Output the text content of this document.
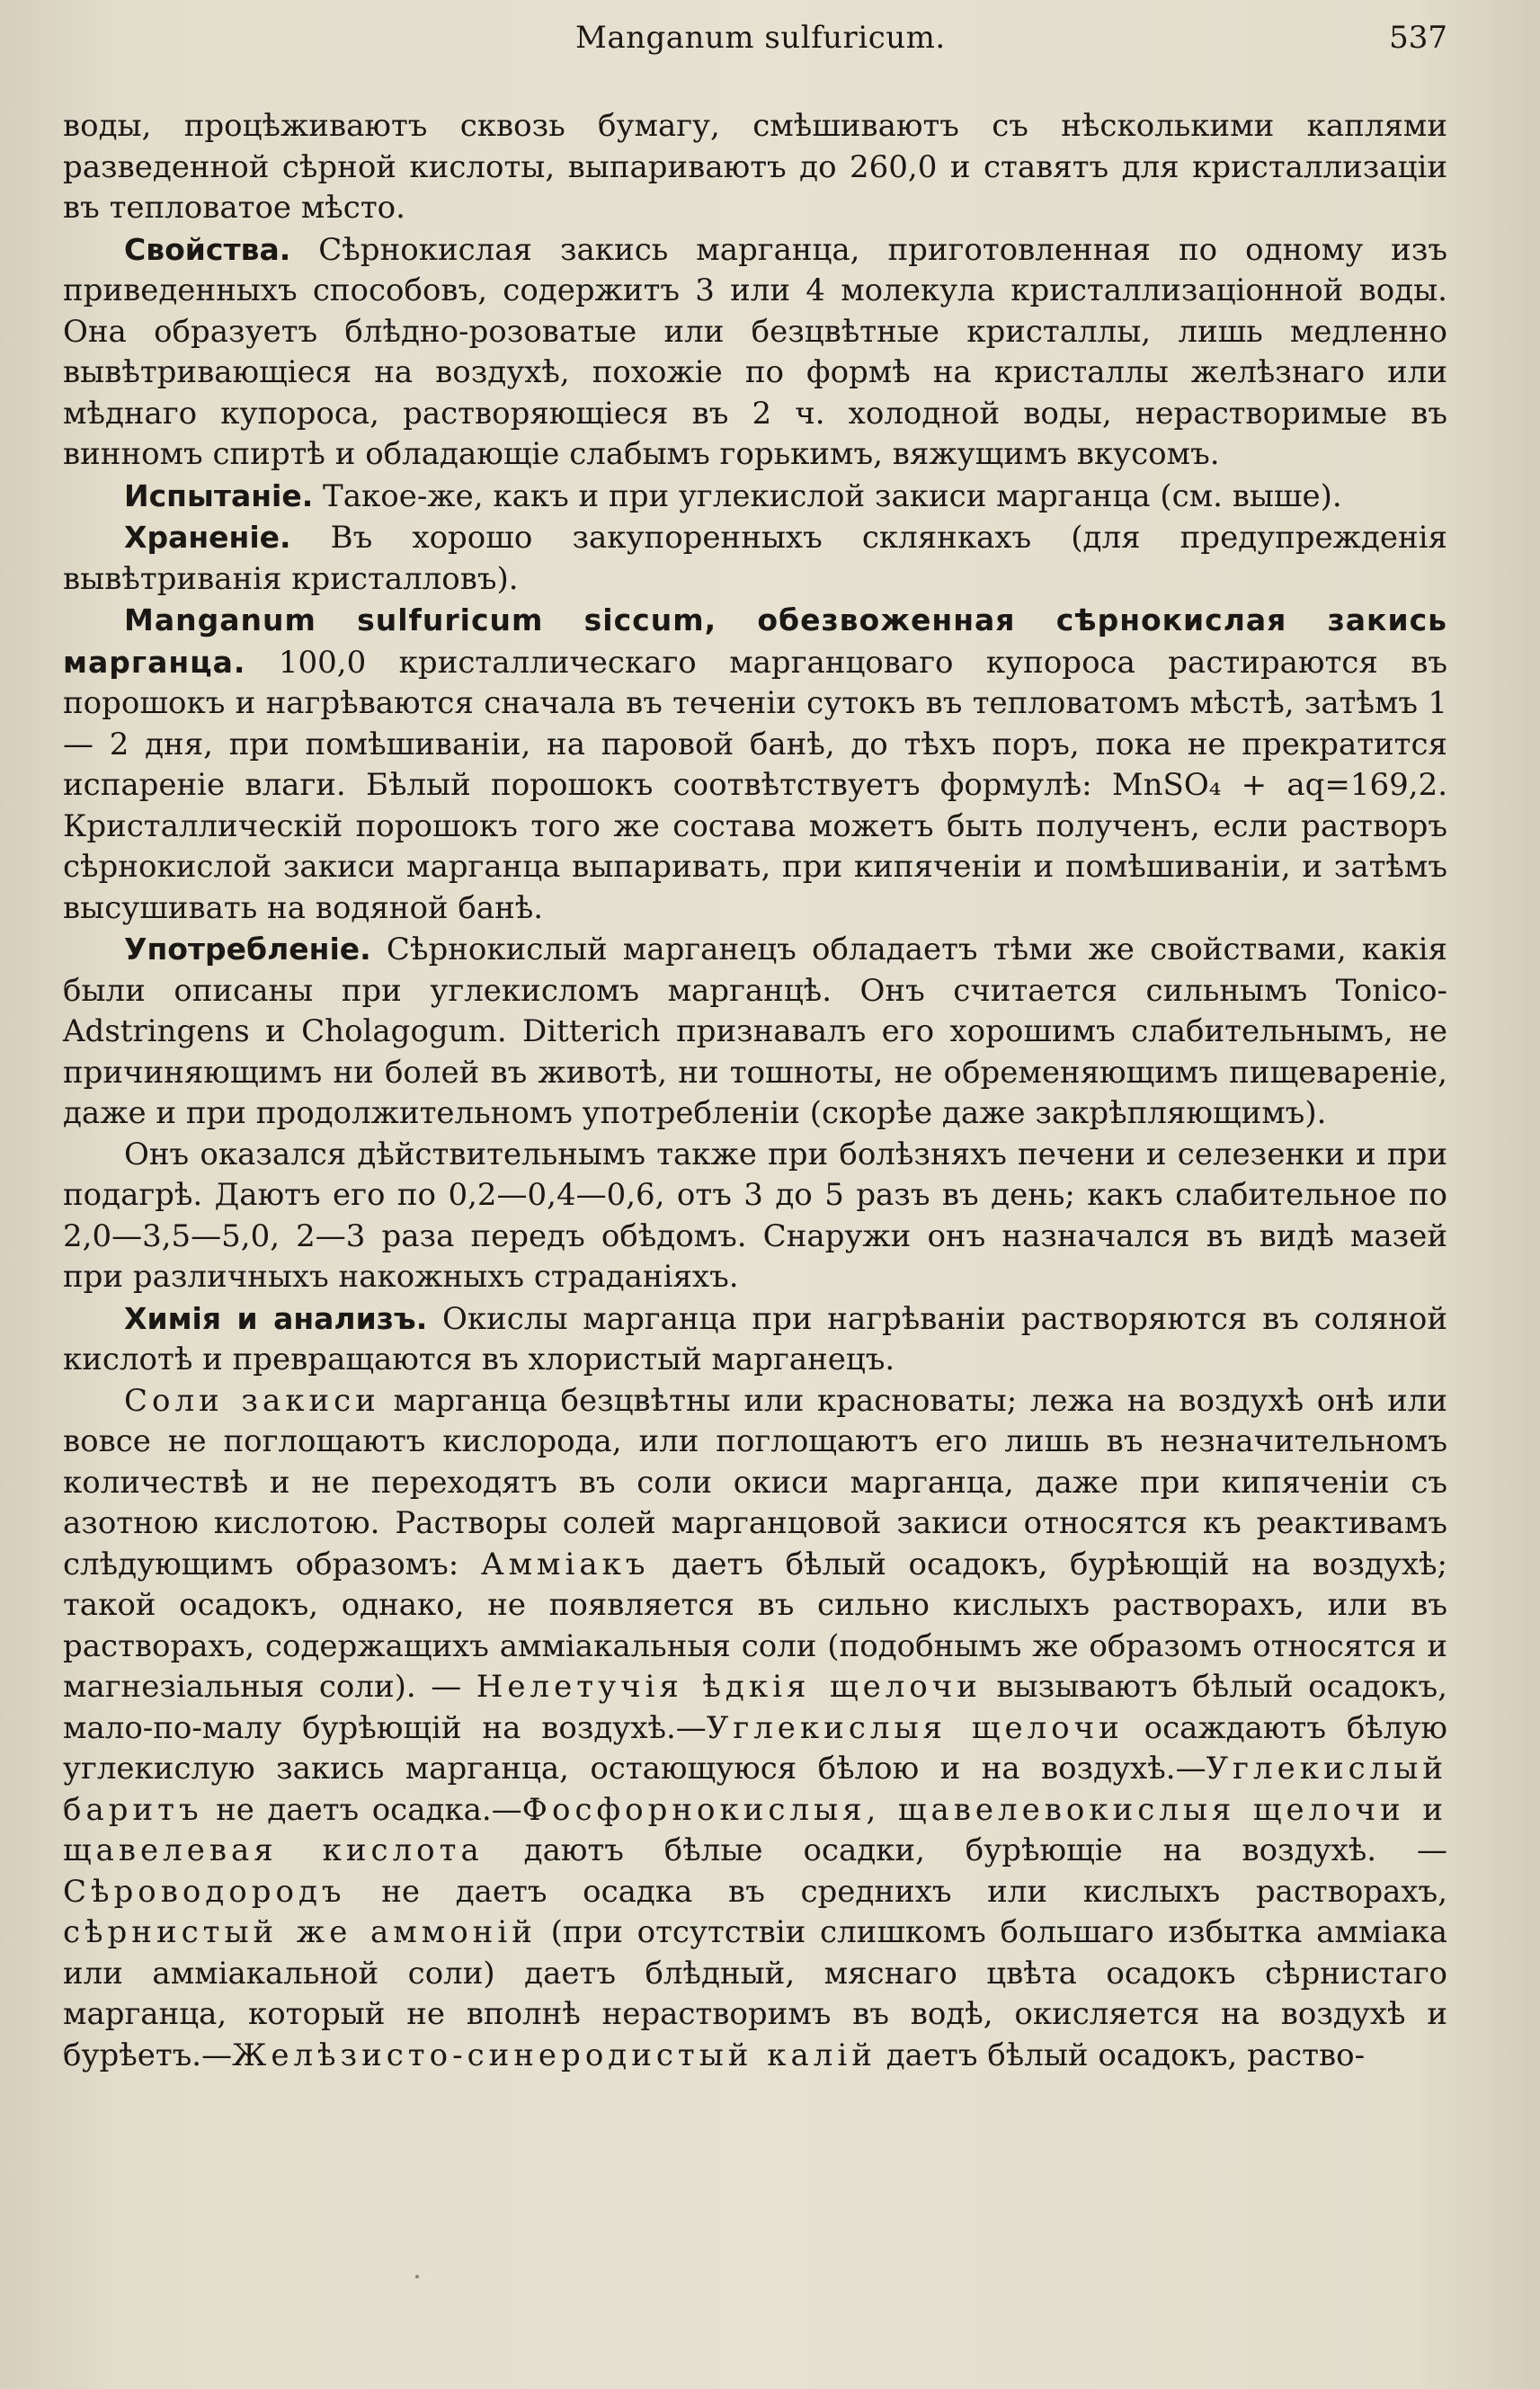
Manganum sulfuricum.	537

воды, процѣживаютъ сквозь бумагу, смѣшиваютъ съ нѣсколькими каплями разведенной сѣрной кислоты, выпариваютъ до 260,0 и ставятъ для кристаллизаціи въ тепловатое мѣсто.

Свойства. Сѣрнокислая закись марганца, приготовленная по одному изъ приведенныхъ способовъ, содержитъ 3 или 4 молекула кристаллизаціонной воды. Она образуетъ блѣдно-розоватые или безцвѣтные кристаллы, лишь медленно вывѣтривающіеся на воздухѣ, похожіе по формѣ на кристаллы желѣзнаго или мѣднаго купороса, растворяющіеся въ 2 ч. холодной воды, нерастворимые въ винномъ спиртѣ и обладающіе слабымъ горькимъ, вяжущимъ вкусомъ.

Испытаніе. Такое-же, какъ и при углекислой закиси марганца (см. выше).

Храненіе. Въ хорошо закупоренныхъ склянкахъ (для предупрежденія вывѣтриванія кристалловъ).

Manganum sulfuricum siccum, обезвоженная сѣрнокислая закись марганца. 100,0 кристаллическаго марганцоваго купороса растираются въ порошокъ и нагрѣваются сначала въ теченіи сутокъ въ тепловатомъ мѣстѣ, затѣмъ 1 — 2 дня, при помѣшиваніи, на паровой банѣ, до тѣхъ поръ, пока не прекратится испареніе влаги. Бѣлый порошокъ соотвѣтствуетъ формулѣ: MnSO₄ + aq=169,2. Кристаллическій порошокъ того же состава можетъ быть полученъ, если растворъ сѣрнокислой закиси марганца выпаривать, при кипяченіи и помѣшиваніи, и затѣмъ высушивать на водяной банѣ.

Употребленіе. Сѣрнокислый марганецъ обладаетъ тѣми же свойствами, какія были описаны при углекисломъ марганцѣ. Онъ считается сильнымъ Tonico-Adstringens и Cholagogum. Ditterich признавалъ его хорошимъ слабительнымъ, не причиняющимъ ни болей въ животѣ, ни тошноты, не обременяющимъ пищевареніе, даже и при продолжительномъ употребленіи (скорѣе даже закрѣпляющимъ).

Онъ оказался дѣйствительнымъ также при болѣзняхъ печени и селезенки и при подагрѣ. Даютъ его по 0,2—0,4—0,6, отъ 3 до 5 разъ въ день; какъ слабительное по 2,0—3,5—5,0, 2—3 раза передъ обѣдомъ. Снаружи онъ назначался въ видѣ мазей при различныхъ накожныхъ страданіяхъ.

Химія и анализъ. Окислы марганца при нагрѣваніи растворяются въ соляной кислотѣ и превращаются въ хлористый марганецъ.

Соли закиси марганца безцвѣтны или красноваты; лежа на воздухѣ онѣ или вовсе не поглощаютъ кислорода, или поглощаютъ его лишь въ незначительномъ количествѣ и не переходятъ въ соли окиси марганца, даже при кипяченіи съ азотною кислотою. Растворы солей марганцовой закиси относятся къ реактивамъ слѣдующимъ образомъ: Амміакъ даетъ бѣлый осадокъ, бурѣющій на воздухѣ; такой осадокъ, однако, не появляется въ сильно кислыхъ растворахъ, или въ растворахъ, содержащихъ амміакальныя соли (подобнымъ же образомъ относятся и магнезіальныя соли). — Нелетучія ѣдкія щелочи вызываютъ бѣлый осадокъ, мало-по-малу бурѣющій на воздухѣ.—Углекислыя щелочи осаждаютъ бѣлую углекислую закись марганца, остающуюся бѣлою и на воздухѣ.—Углекислый баритъ не даетъ осадка.—Фосфорнокислыя, щавелевокислыя щелочи и щавелевая кислота даютъ бѣлые осадки, бурѣющіе на воздухѣ. — Сѣроводородъ не даетъ осадка въ среднихъ или кислыхъ растворахъ, сѣрнистый же аммоній (при отсутствіи слишкомъ большаго избытка амміака или амміакальной соли) даетъ блѣдный, мяснаго цвѣта осадокъ сѣрнистаго марганца, который не вполнѣ нерастворимъ въ водѣ, окисляется на воздухѣ и бурѣетъ.—Желѣзисто-синеродистый калій даетъ бѣлый осадокъ, раство-
